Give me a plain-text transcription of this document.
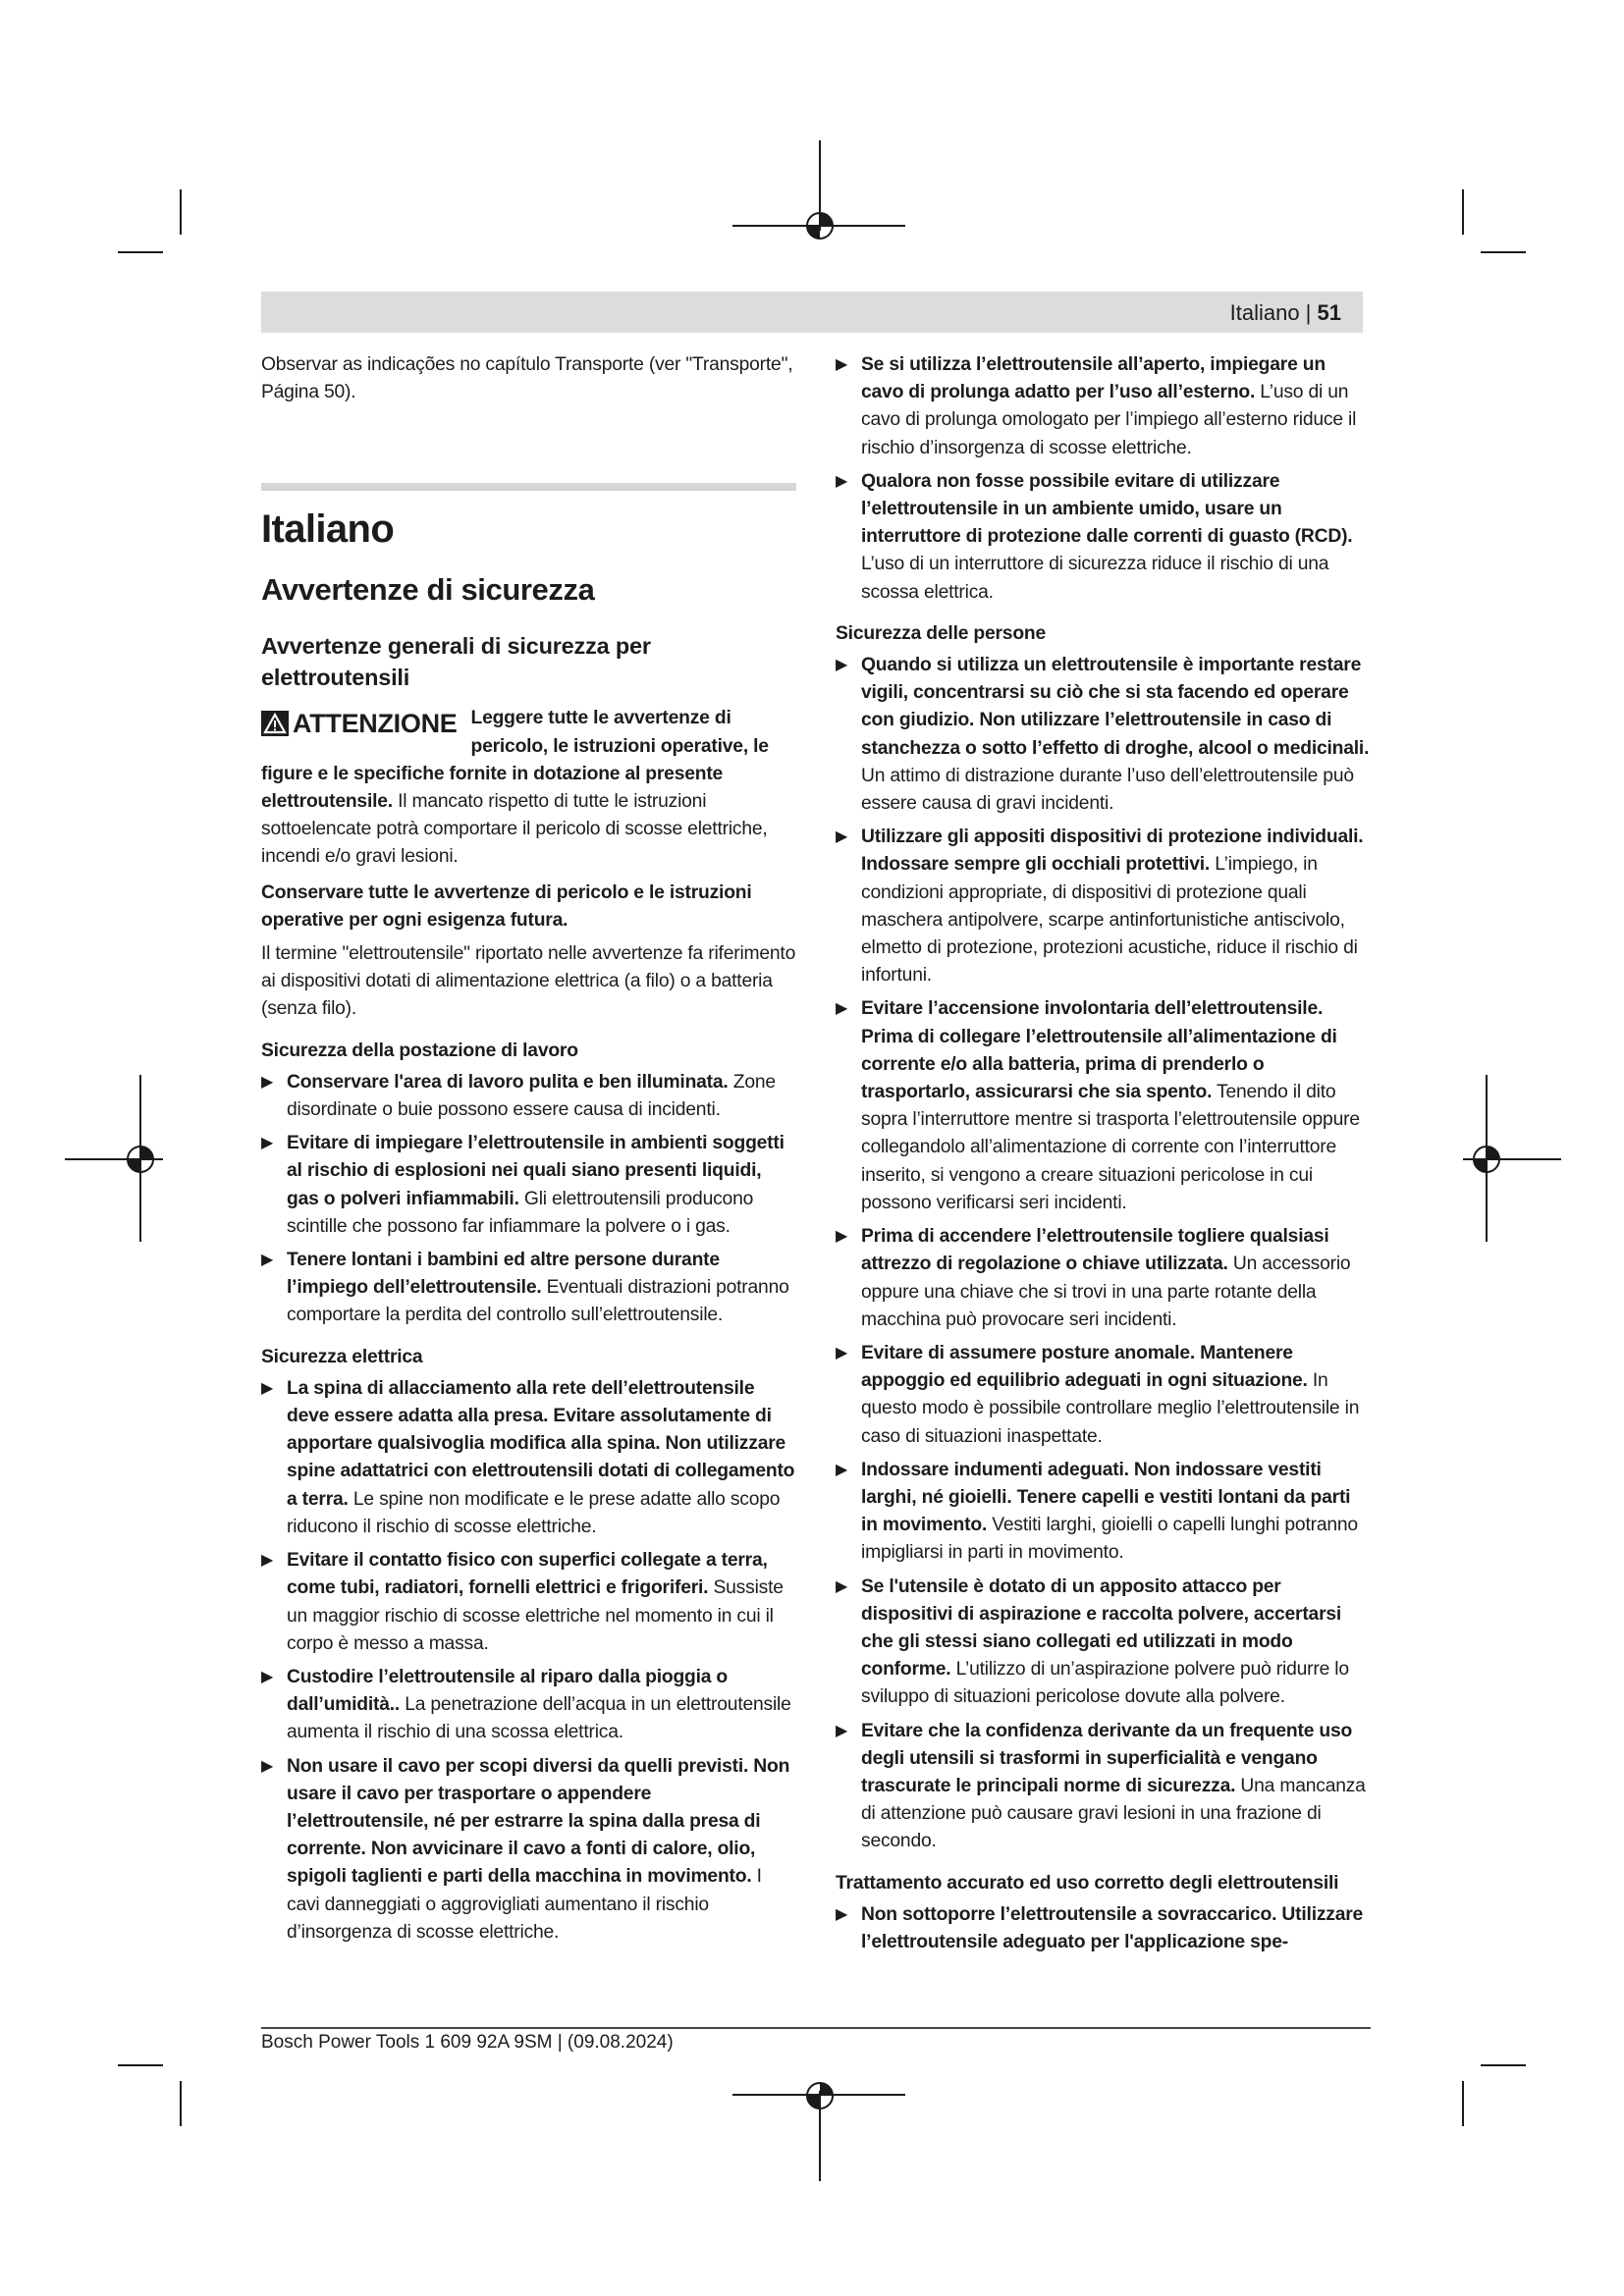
Italiano | 51

Observar as indicações no capítulo Transporte (ver "Transporte", Página 50).

Italiano
Avvertenze di sicurezza
Avvertenze generali di sicurezza per elettroutensili
ATTENZIONE Leggere tutte le avvertenze di pericolo, le istruzioni operative, le figure e le specifiche fornite in dotazione al presente elettroutensile. Il mancato rispetto di tutte le istruzioni sottoelencate potrà comportare il pericolo di scosse elettriche, incendi e/o gravi lesioni.

Conservare tutte le avvertenze di pericolo e le istruzioni operative per ogni esigenza futura.

Il termine "elettroutensile" riportato nelle avvertenze fa riferimento ai dispositivi dotati di alimentazione elettrica (a filo) o a batteria (senza filo).

Sicurezza della postazione di lavoro

▶ Conservare l'area di lavoro pulita e ben illuminata. Zone disordinate o buie possono essere causa di incidenti.
▶ Evitare di impiegare l’elettroutensile in ambienti soggetti al rischio di esplosioni nei quali siano presenti liquidi, gas o polveri infiammabili. Gli elettroutensili producono scintille che possono far infiammare la polvere o i gas.
▶ Tenere lontani i bambini ed altre persone durante l’impiego dell’elettroutensile. Eventuali distrazioni potranno comportare la perdita del controllo sull’elettroutensile.

Sicurezza elettrica

▶ La spina di allacciamento alla rete dell’elettroutensile deve essere adatta alla presa. Evitare assolutamente di apportare qualsivoglia modifica alla spina. Non utilizzare spine adattatrici con elettroutensili dotati di collegamento a terra. Le spine non modificate e le prese adatte allo scopo riducono il rischio di scosse elettriche.
▶ Evitare il contatto fisico con superfici collegate a terra, come tubi, radiatori, fornelli elettrici e frigoriferi. Sussiste un maggior rischio di scosse elettriche nel momento in cui il corpo è messo a massa.
▶ Custodire l’elettroutensile al riparo dalla pioggia o dall’umidità.. La penetrazione dell’acqua in un elettroutensile aumenta il rischio di una scossa elettrica.
▶ Non usare il cavo per scopi diversi da quelli previsti. Non usare il cavo per trasportare o appendere l’elettroutensile, né per estrarre la spina dalla presa di corrente. Non avvicinare il cavo a fonti di calore, olio, spigoli taglienti e parti della macchina in movimento. I cavi danneggiati o aggrovigliati aumentano il rischio d’insorgenza di scosse elettriche.
▶ Se si utilizza l’elettroutensile all’aperto, impiegare un cavo di prolunga adatto per l’uso all’esterno. L’uso di un cavo di prolunga omologato per l’impiego all’esterno riduce il rischio d’insorgenza di scosse elettriche.
▶ Qualora non fosse possibile evitare di utilizzare l’elettroutensile in un ambiente umido, usare un interruttore di protezione dalle correnti di guasto (RCD). L’uso di un interruttore di sicurezza riduce il rischio di una scossa elettrica.

Sicurezza delle persone

▶ Quando si utilizza un elettroutensile è importante restare vigili, concentrarsi su ciò che si sta facendo ed operare con giudizio. Non utilizzare l’elettroutensile in caso di stanchezza o sotto l’effetto di droghe, alcool o medicinali. Un attimo di distrazione durante l’uso dell’elettroutensile può essere causa di gravi incidenti.
▶ Utilizzare gli appositi dispositivi di protezione individuali. Indossare sempre gli occhiali protettivi. L’impiego, in condizioni appropriate, di dispositivi di protezione quali maschera antipolvere, scarpe antinfortunistiche antiscivolo, elmetto di protezione, protezioni acustiche, riduce il rischio di infortuni.
▶ Evitare l’accensione involontaria dell’elettroutensile. Prima di collegare l’elettroutensile all’alimentazione di corrente e/o alla batteria, prima di prenderlo o trasportarlo, assicurarsi che sia spento. Tenendo il dito sopra l’interruttore mentre si trasporta l’elettroutensile oppure collegandolo all’alimentazione di corrente con l’interruttore inserito, si vengono a creare situazioni pericolose in cui possono verificarsi seri incidenti.
▶ Prima di accendere l’elettroutensile togliere qualsiasi attrezzo di regolazione o chiave utilizzata. Un accessorio oppure una chiave che si trovi in una parte rotante della macchina può provocare seri incidenti.
▶ Evitare di assumere posture anomale. Mantenere appoggio ed equilibrio adeguati in ogni situazione. In questo modo è possibile controllare meglio l’elettroutensile in caso di situazioni inaspettate.
▶ Indossare indumenti adeguati. Non indossare vestiti larghi, né gioielli. Tenere capelli e vestiti lontani da parti in movimento. Vestiti larghi, gioielli o capelli lunghi potranno impigliarsi in parti in movimento.
▶ Se l'utensile è dotato di un apposito attacco per dispositivi di aspirazione e raccolta polvere, accertarsi che gli stessi siano collegati ed utilizzati in modo conforme. L’utilizzo di un’aspirazione polvere può ridurre lo sviluppo di situazioni pericolose dovute alla polvere.
▶ Evitare che la confidenza derivante da un frequente uso degli utensili si trasformi in superficialità e vengano trascurate le principali norme di sicurezza. Una mancanza di attenzione può causare gravi lesioni in una frazione di secondo.

Trattamento accurato ed uso corretto degli elettroutensili

▶ Non sottoporre l’elettroutensile a sovraccarico. Utilizzare l’elettroutensile adeguato per l'applicazione spe-
Bosch Power Tools 1 609 92A 9SM | (09.08.2024)
